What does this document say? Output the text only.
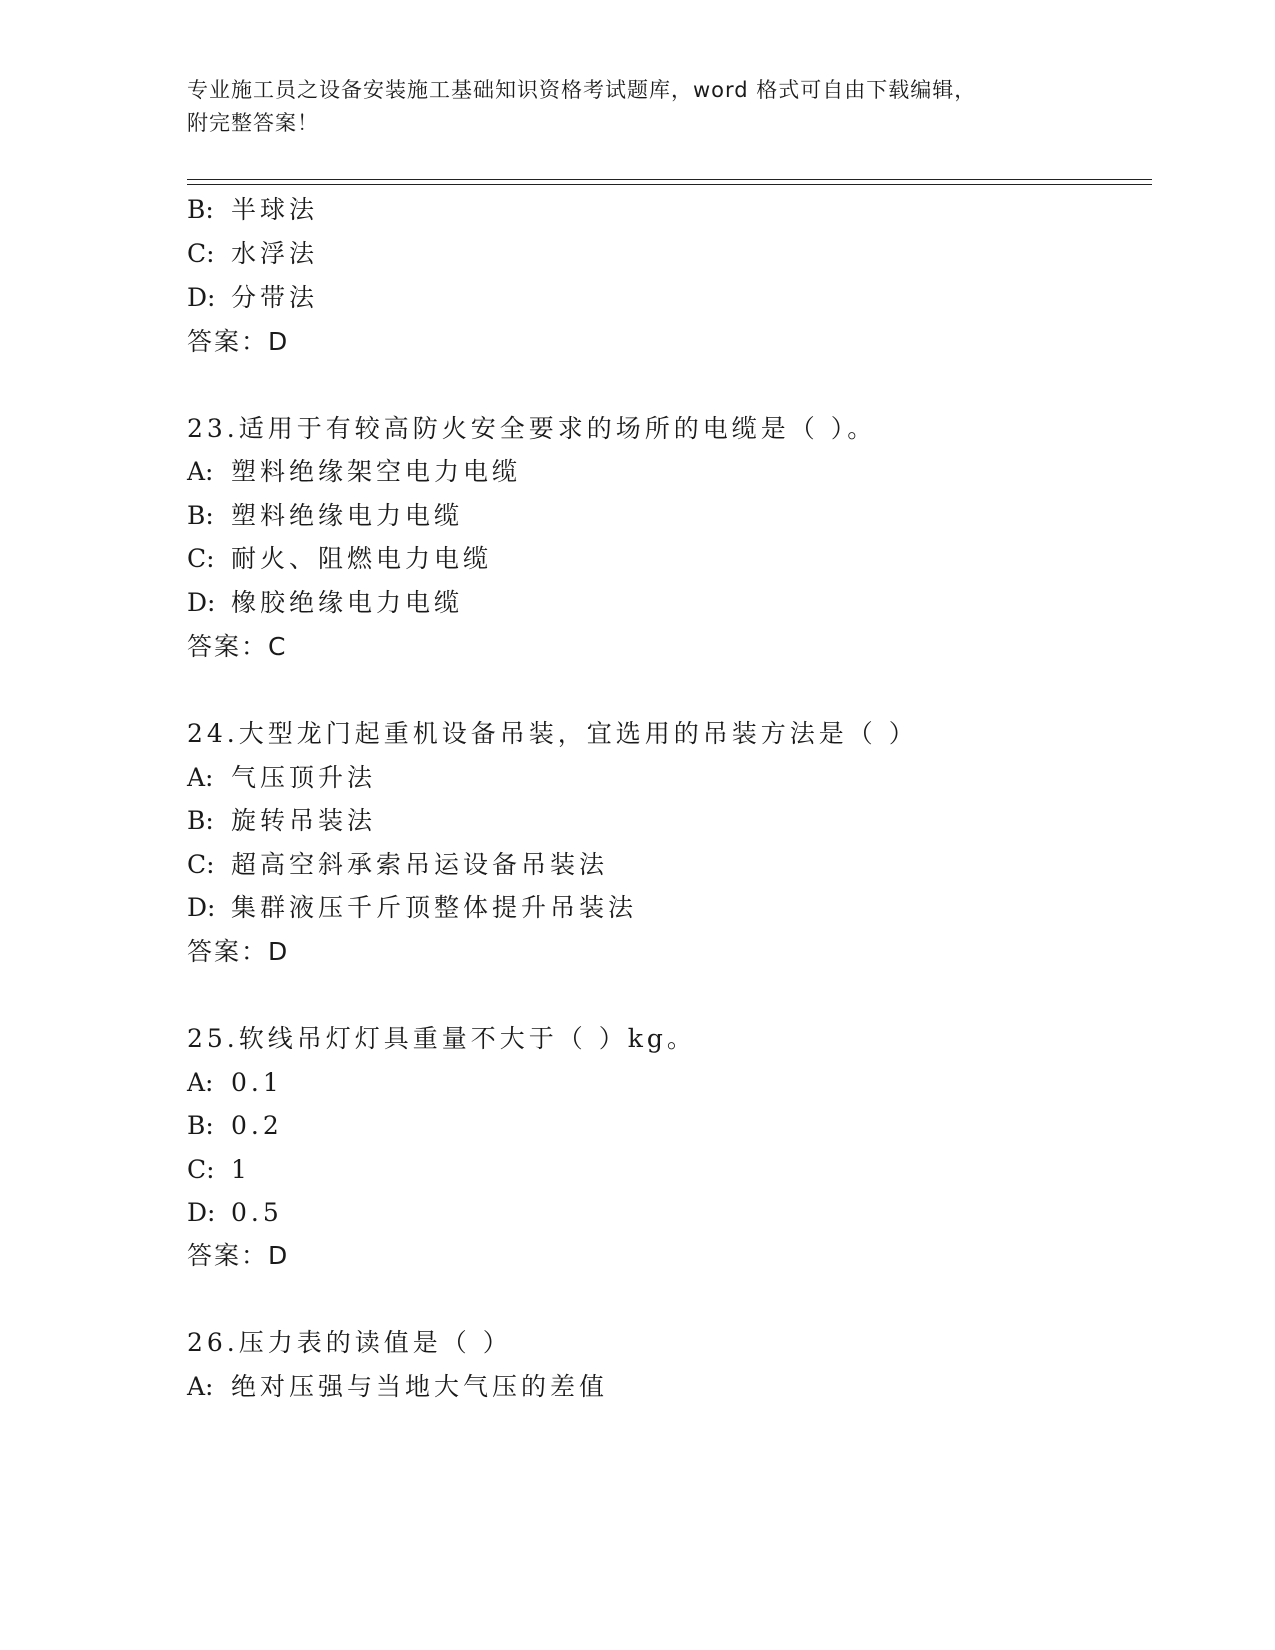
专业施工员之设备安装施工基础知识资格考试题库，word 格式可自由下载编辑，
附完整答案！
B: 半球法
C: 水浮法
D: 分带法
答案：D
23.适用于有较高防火安全要求的场所的电缆是（ ）。
A: 塑料绝缘架空电力电缆
B: 塑料绝缘电力电缆
C: 耐火、阻燃电力电缆
D: 橡胶绝缘电力电缆
答案：C
24.大型龙门起重机设备吊装，宜选用的吊装方法是（ ）
A: 气压顶升法
B: 旋转吊装法
C: 超高空斜承索吊运设备吊装法
D: 集群液压千斤顶整体提升吊装法
答案：D
25.软线吊灯灯具重量不大于（ ）kg。
A: 0.1
B: 0.2
C: 1
D: 0.5
答案：D
26.压力表的读值是（ ）
A: 绝对压强与当地大气压的差值
